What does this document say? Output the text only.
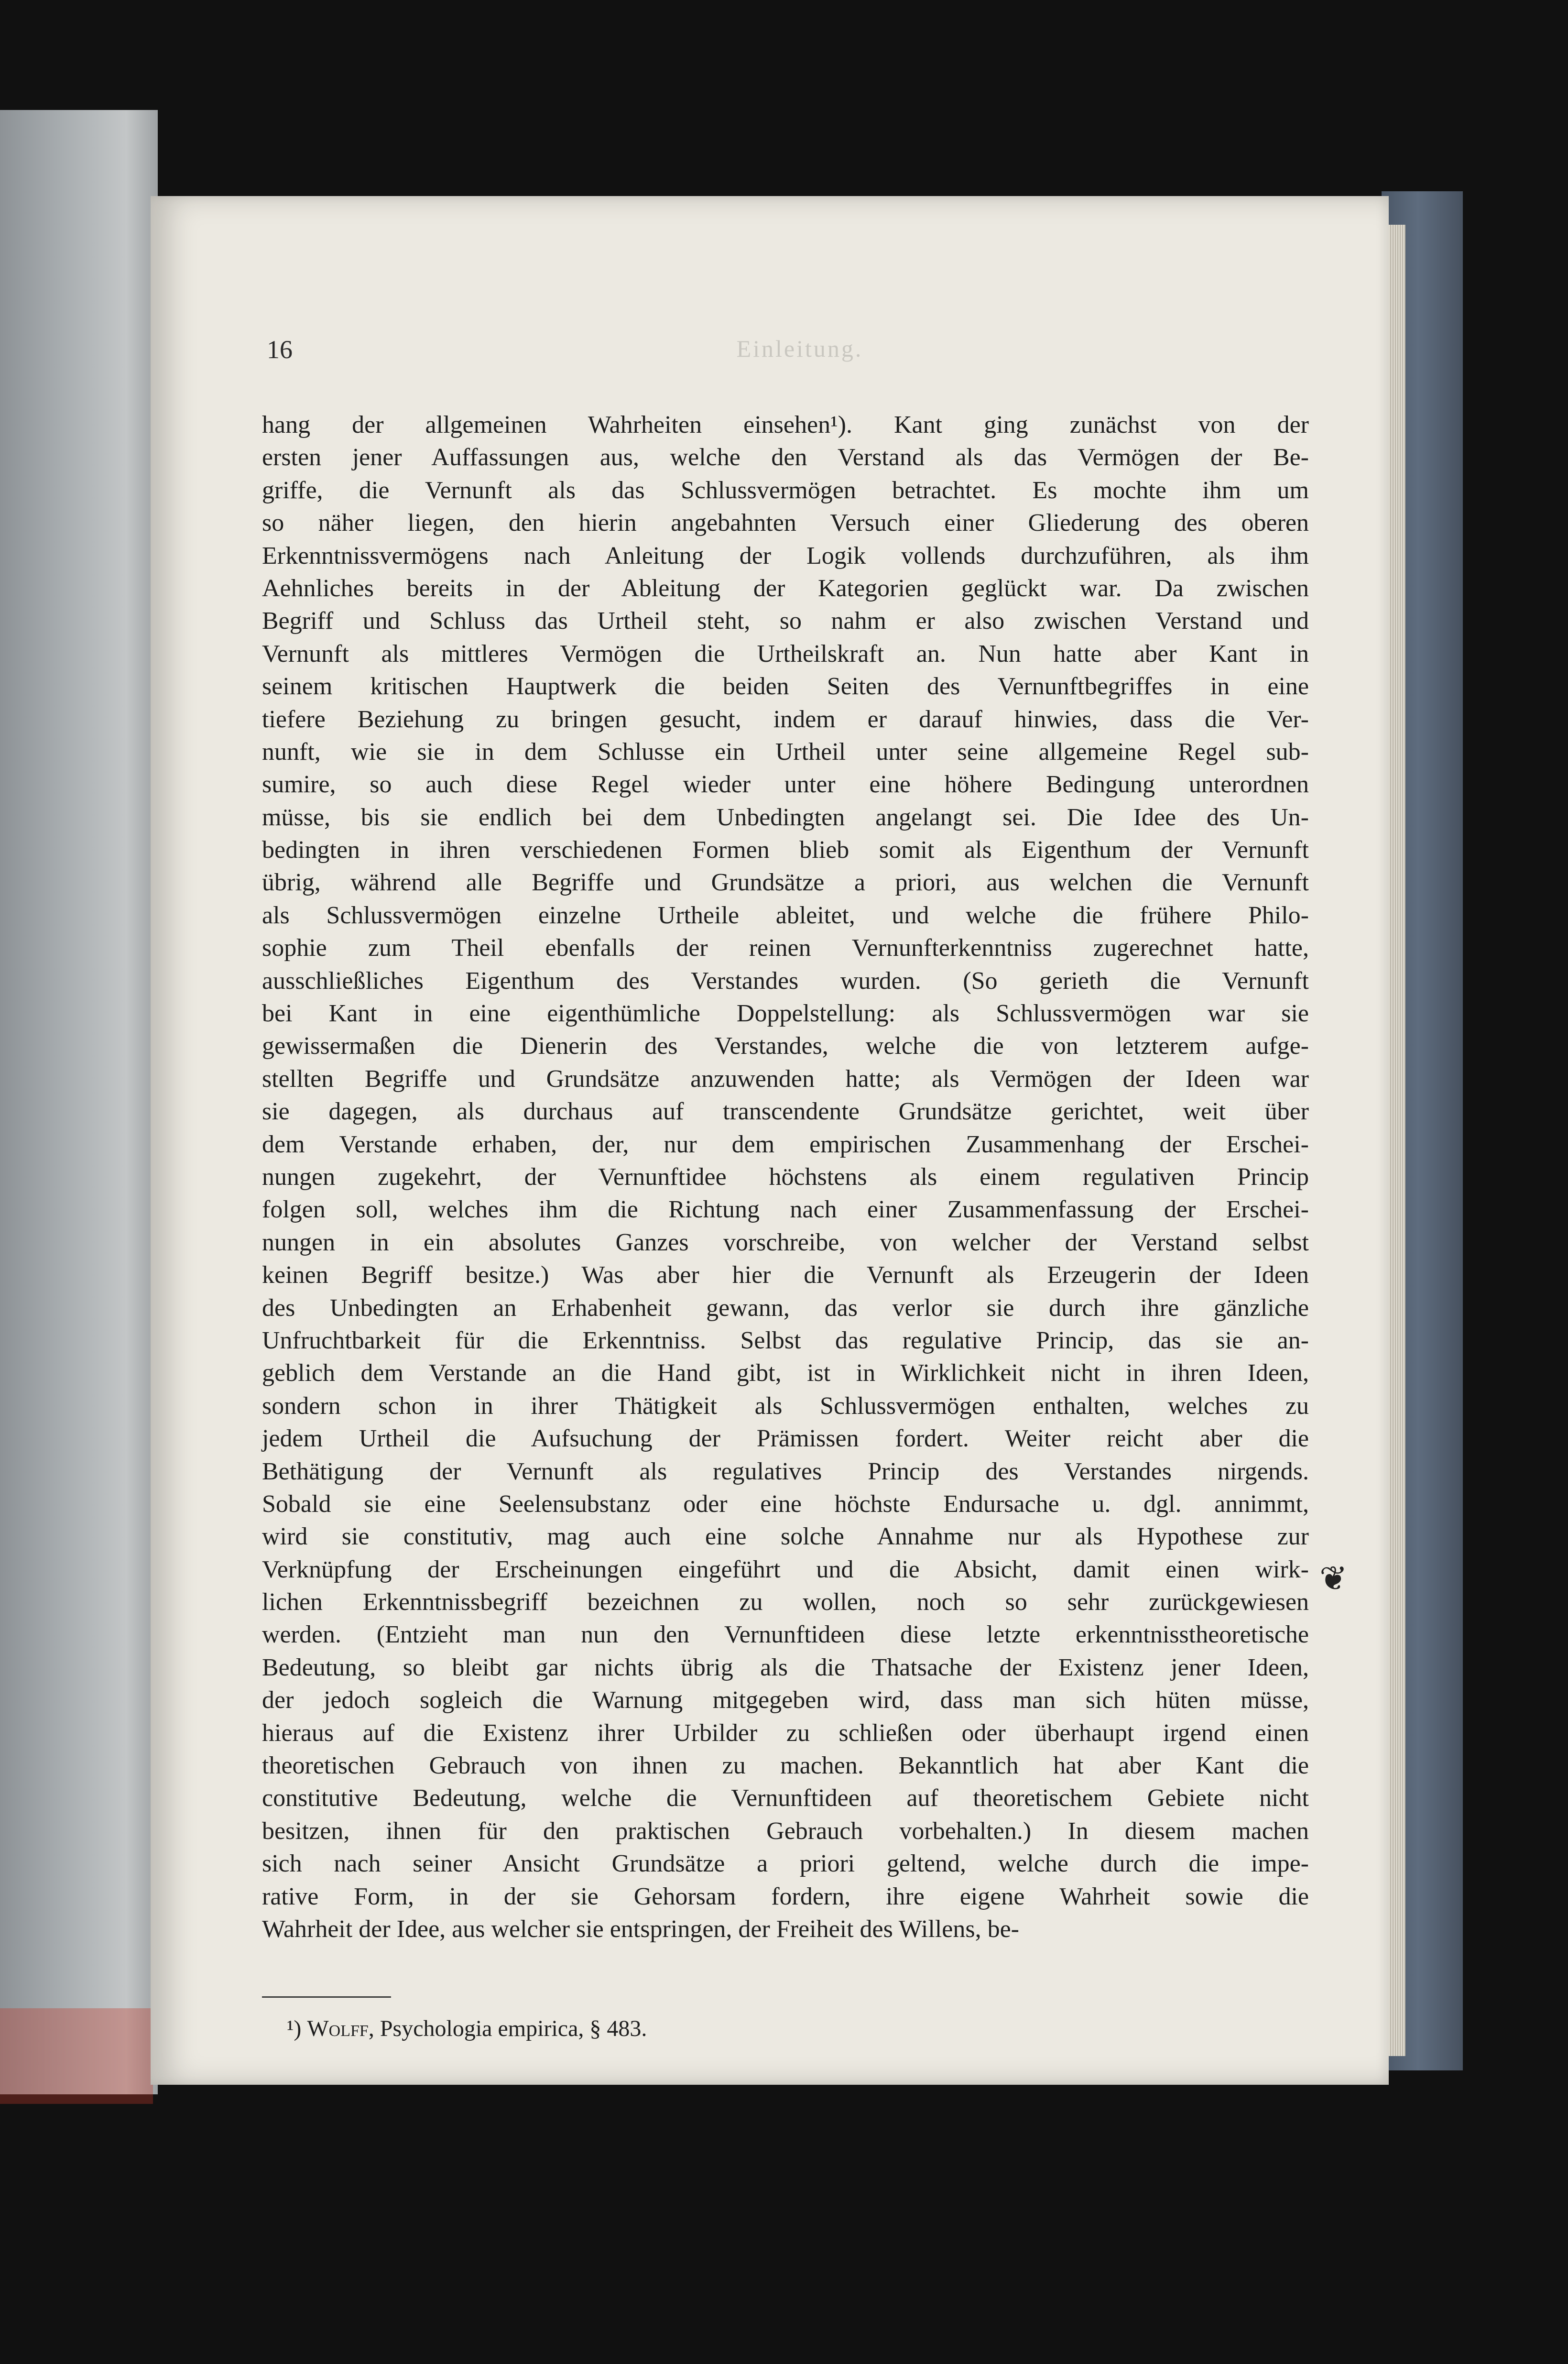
16	Einleitung.
hang der allgemeinen Wahrheiten einsehen¹). Kant ging zunächst von der
ersten jener Auffassungen aus, welche den Verstand als das Vermögen der Be-
griffe, die Vernunft als das Schlussvermögen betrachtet. Es mochte ihm um
so näher liegen, den hierin angebahnten Versuch einer Gliederung des oberen
Erkenntnissvermögens nach Anleitung der Logik vollends durchzuführen, als ihm
Aehnliches bereits in der Ableitung der Kategorien geglückt war. Da zwischen
Begriff und Schluss das Urtheil steht, so nahm er also zwischen Verstand und
Vernunft als mittleres Vermögen die Urtheilskraft an. Nun hatte aber Kant in
seinem kritischen Hauptwerk die beiden Seiten des Vernunftbegriffes in eine
tiefere Beziehung zu bringen gesucht, indem er darauf hinwies, dass die Ver-
nunft, wie sie in dem Schlusse ein Urtheil unter seine allgemeine Regel sub-
sumire, so auch diese Regel wieder unter eine höhere Bedingung unterordnen
müsse, bis sie endlich bei dem Unbedingten angelangt sei. Die Idee des Un-
bedingten in ihren verschiedenen Formen blieb somit als Eigenthum der Vernunft
übrig, während alle Begriffe und Grundsätze a priori, aus welchen die Vernunft
als Schlussvermögen einzelne Urtheile ableitet, und welche die frühere Philo-
sophie zum Theil ebenfalls der reinen Vernunfterkenntniss zugerechnet hatte,
ausschließliches Eigenthum des Verstandes wurden. (So gerieth die Vernunft
bei Kant in eine eigenthümliche Doppelstellung: als Schlussvermögen war sie
gewissermaßen die Dienerin des Verstandes, welche die von letzterem aufge-
stellten Begriffe und Grundsätze anzuwenden hatte; als Vermögen der Ideen war
sie dagegen, als durchaus auf transcendente Grundsätze gerichtet, weit über
dem Verstande erhaben, der, nur dem empirischen Zusammenhang der Erschei-
nungen zugekehrt, der Vernunftidee höchstens als einem regulativen Princip
folgen soll, welches ihm die Richtung nach einer Zusammenfassung der Erschei-
nungen in ein absolutes Ganzes vorschreibe, von welcher der Verstand selbst
keinen Begriff besitze.) Was aber hier die Vernunft als Erzeugerin der Ideen
des Unbedingten an Erhabenheit gewann, das verlor sie durch ihre gänzliche
Unfruchtbarkeit für die Erkenntniss. Selbst das regulative Princip, das sie an-
geblich dem Verstande an die Hand gibt, ist in Wirklichkeit nicht in ihren Ideen,
sondern schon in ihrer Thätigkeit als Schlussvermögen enthalten, welches zu
jedem Urtheil die Aufsuchung der Prämissen fordert. Weiter reicht aber die
Bethätigung der Vernunft als regulatives Princip des Verstandes nirgends.
Sobald sie eine Seelensubstanz oder eine höchste Endursache u. dgl. annimmt,
wird sie constitutiv, mag auch eine solche Annahme nur als Hypothese zur
Verknüpfung der Erscheinungen eingeführt und die Absicht, damit einen wirk-
lichen Erkenntnissbegriff bezeichnen zu wollen, noch so sehr zurückgewiesen
werden. (Entzieht man nun den Vernunftideen diese letzte erkenntnisstheoretische
Bedeutung, so bleibt gar nichts übrig als die Thatsache der Existenz jener Ideen,
der jedoch sogleich die Warnung mitgegeben wird, dass man sich hüten müsse,
hieraus auf die Existenz ihrer Urbilder zu schließen oder überhaupt irgend einen
theoretischen Gebrauch von ihnen zu machen. Bekanntlich hat aber Kant die
constitutive Bedeutung, welche die Vernunftideen auf theoretischem Gebiete nicht
besitzen, ihnen für den praktischen Gebrauch vorbehalten.) In diesem machen
sich nach seiner Ansicht Grundsätze a priori geltend, welche durch die impe-
rative Form, in der sie Gehorsam fordern, ihre eigene Wahrheit sowie die
Wahrheit der Idee, aus welcher sie entspringen, der Freiheit des Willens, be-
❦
¹) Wolff, Psychologia empirica, § 483.
